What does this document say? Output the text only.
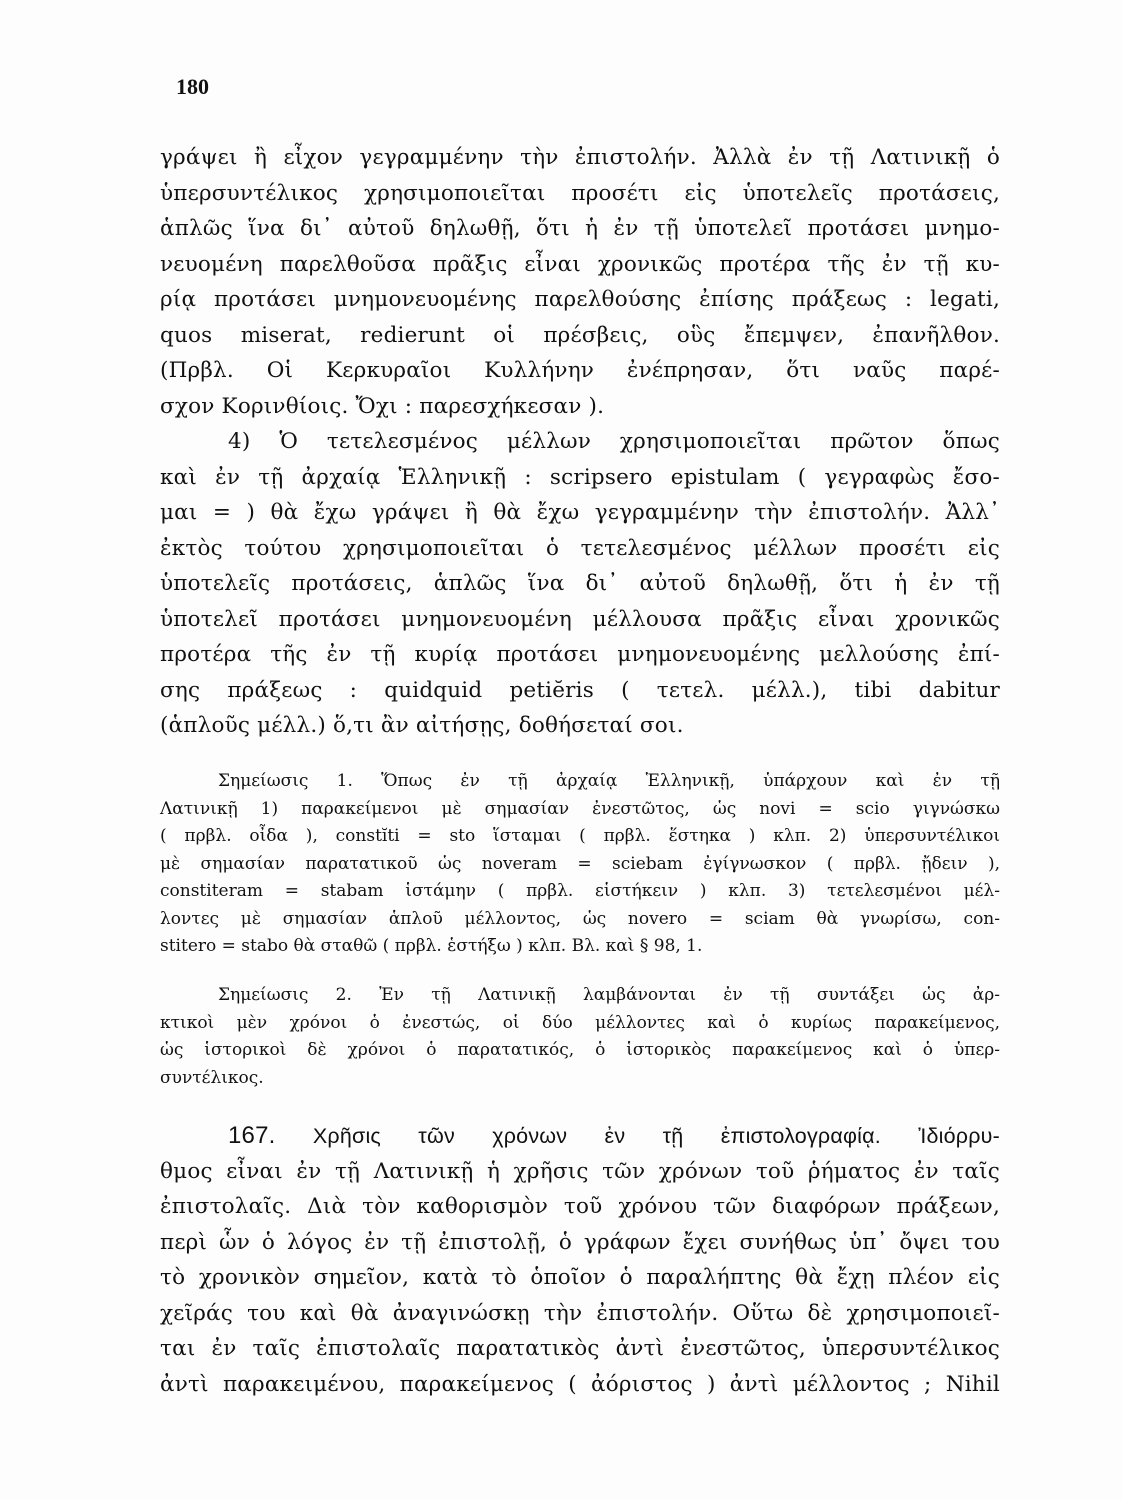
180
γράψει ἢ εἶχον γεγραμμένην τὴν ἐπιστολήν. Ἀλλὰ ἐν τῇ Λατινικῇ ὁ
ὑπερσυντέλικος χρησιμοποιεῖται προσέτι εἰς ὑποτελεῖς προτάσεις,
ἁπλῶς ἵνα δι᾽ αὐτοῦ δηλωθῇ, ὅτι ἡ ἐν τῇ ὑποτελεῖ προτάσει μνημο-
νευομένη παρελθοῦσα πρᾶξις εἶναι χρονικῶς προτέρα τῆς ἐν τῇ κυ-
ρίᾳ προτάσει μνημονευομένης παρελθούσης ἐπίσης πράξεως : legati,
quos miserat, redierunt οἱ πρέσβεις, οὓς ἔπεμψεν, ἐπανῆλθον.
(Πρβλ. Οἱ Κερκυραῖοι Κυλλήνην ἐνέπρησαν, ὅτι ναῦς παρέ-
σχον Κορινθίοις. Ὄχι : παρεσχήκεσαν ).
4) Ὁ τετελεσμένος μέλλων χρησιμοποιεῖται πρῶτον ὅπως
καὶ ἐν τῇ ἀρχαίᾳ Ἑλληνικῇ : scripsero epistulam ( γεγραφὼς ἔσο-
μαι = ) θὰ ἔχω γράψει ἢ θὰ ἔχω γεγραμμένην τὴν ἐπιστολήν. Ἀλλ᾽
ἐκτὸς τούτου χρησιμοποιεῖται ὁ τετελεσμένος μέλλων προσέτι εἰς
ὑποτελεῖς προτάσεις, ἁπλῶς ἵνα δι᾽ αὐτοῦ δηλωθῇ, ὅτι ἡ ἐν τῇ
ὑποτελεῖ προτάσει μνημονευομένη μέλλουσα πρᾶξις εἶναι χρονικῶς
προτέρα τῆς ἐν τῇ κυρίᾳ προτάσει μνημονευομένης μελλούσης ἐπί-
σης πράξεως : quidquid petiĕris ( τετελ. μέλλ.), tibi dabitur
(ἁπλοῦς μέλλ.) ὅ,τι ἂν αἰτήσῃς, δοθήσεταί σοι.
Σημείωσις 1. Ὅπως ἐν τῇ ἀρχαίᾳ Ἑλληνικῇ, ὑπάρχουν καὶ ἐν τῇ
Λατινικῇ 1) παρακείμενοι μὲ σημασίαν ἐνεστῶτος, ὡς novi = scio γιγνώσκω
( πρβλ. οἶδα ), constĭti = sto ἵσταμαι ( πρβλ. ἕστηκα ) κλπ. 2) ὑπερσυντέλικοι
μὲ σημασίαν παρατατικοῦ ὡς noveram = sciebam ἐγίγνωσκον ( πρβλ. ᾔδειν ),
constiteram = stabam ἱστάμην ( πρβλ. εἱστήκειν ) κλπ. 3) τετελεσμένοι μέλ-
λοντες μὲ σημασίαν ἁπλοῦ μέλλοντος, ὡς novero = sciam θὰ γνωρίσω, con-
stitero = stabo θὰ σταθῶ ( πρβλ. ἑστήξω ) κλπ. Βλ. καὶ § 98, 1.
Σημείωσις 2. Ἐν τῇ Λατινικῇ λαμβάνονται ἐν τῇ συντάξει ὡς ἀρ-
κτικοὶ μὲν χρόνοι ὁ ἐνεστώς, οἱ δύο μέλλοντες καὶ ὁ κυρίως παρακείμενος,
ὡς ἱστορικοὶ δὲ χρόνοι ὁ παρατατικός, ὁ ἱστορικὸς παρακείμενος καὶ ὁ ὑπερ-
συντέλικος.
167. Χρῆσις τῶν χρόνων ἐν τῇ ἐπιστολογραφίᾳ. Ἰδιόρρυ-
θμος εἶναι ἐν τῇ Λατινικῇ ἡ χρῆσις τῶν χρόνων τοῦ ῥήματος ἐν ταῖς
ἐπιστολαῖς. Διὰ τὸν καθορισμὸν τοῦ χρόνου τῶν διαφόρων πράξεων,
περὶ ὧν ὁ λόγος ἐν τῇ ἐπιστολῇ, ὁ γράφων ἔχει συνήθως ὑπ᾽ ὄψει του
τὸ χρονικὸν σημεῖον, κατὰ τὸ ὁποῖον ὁ παραλήπτης θὰ ἔχῃ πλέον εἰς
χεῖράς του καὶ θὰ ἀναγινώσκῃ τὴν ἐπιστολήν. Οὕτω δὲ χρησιμοποιεῖ-
ται ἐν ταῖς ἐπιστολαῖς παρατατικὸς ἀντὶ ἐνεστῶτος, ὑπερσυντέλικος
ἀντὶ παρακειμένου, παρακείμενος ( ἀόριστος ) ἀντὶ μέλλοντος ; Nihil
